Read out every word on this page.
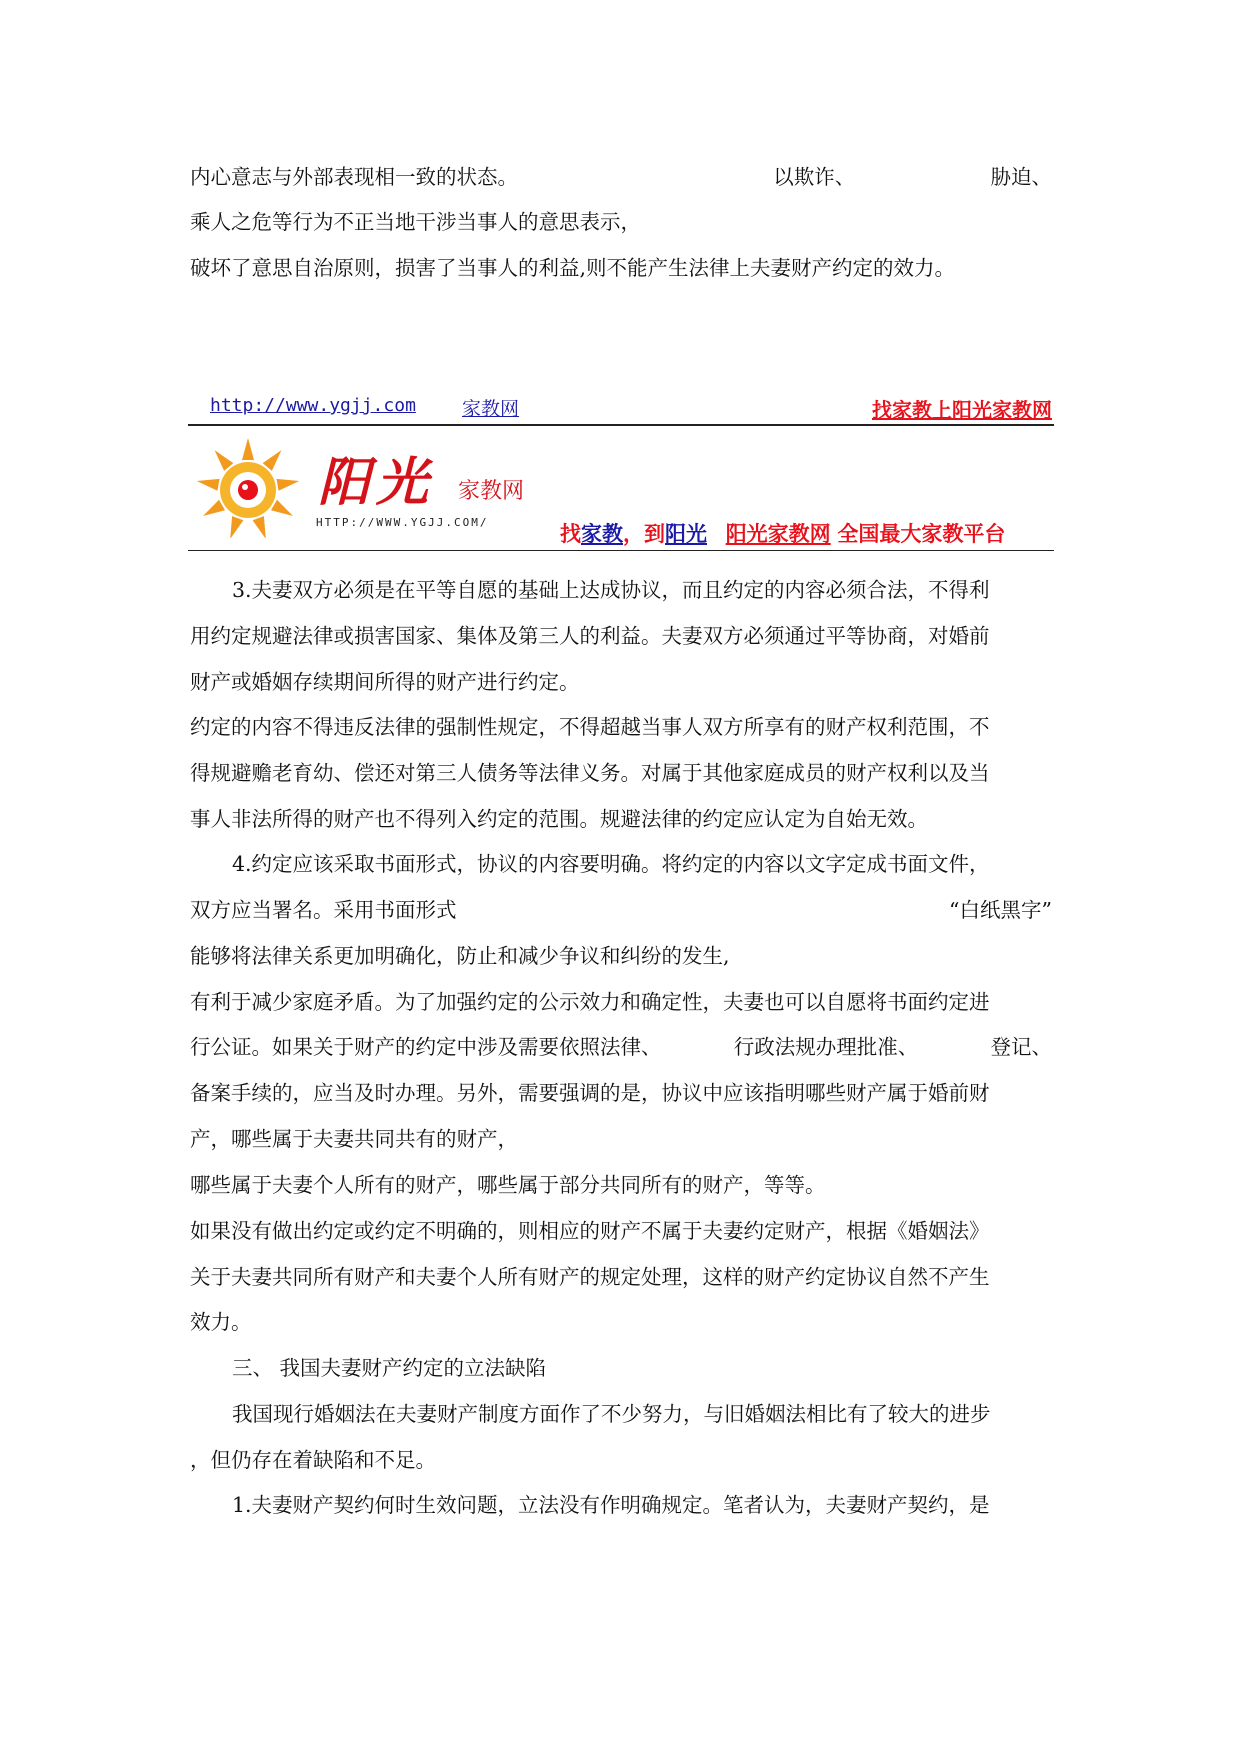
内心意志与外部表现相一致的状态。	以欺诈、	胁迫、
乘人之危等行为不正当地干涉当事人的意思表示，
破坏了意思自治原则，损害了当事人的利益,则不能产生法律上夫妻财产约定的效力。
http://www.ygjj.com 家教网	找家教上阳光家教网
阳光 家教网
HTTP://WWW.YGJJ.COM/	找家教，到阳光 阳光家教网 全国最大家教平台
3.夫妻双方必须是在平等自愿的基础上达成协议，而且约定的内容必须合法，不得利
用约定规避法律或损害国家、集体及第三人的利益。夫妻双方必须通过平等协商，对婚前
财产或婚姻存续期间所得的财产进行约定。
约定的内容不得违反法律的强制性规定，不得超越当事人双方所享有的财产权利范围，不
得规避赡老育幼、偿还对第三人债务等法律义务。对属于其他家庭成员的财产权利以及当
事人非法所得的财产也不得列入约定的范围。规避法律的约定应认定为自始无效。
4.约定应该采取书面形式，协议的内容要明确。将约定的内容以文字定成书面文件，
双方应当署名。采用书面形式	“白纸黑字”
能够将法律关系更加明确化，防止和减少争议和纠纷的发生,
有利于减少家庭矛盾。为了加强约定的公示效力和确定性，夫妻也可以自愿将书面约定进
行公证。如果关于财产的约定中涉及需要依照法律、	行政法规办理批准、	登记、
备案手续的，应当及时办理。另外，需要强调的是，协议中应该指明哪些财产属于婚前财
产，哪些属于夫妻共同共有的财产，
哪些属于夫妻个人所有的财产，哪些属于部分共同所有的财产，等等。
如果没有做出约定或约定不明确的，则相应的财产不属于夫妻约定财产，根据《婚姻法》
关于夫妻共同所有财产和夫妻个人所有财产的规定处理，这样的财产约定协议自然不产生
效力。
三、 我国夫妻财产约定的立法缺陷
我国现行婚姻法在夫妻财产制度方面作了不少努力，与旧婚姻法相比有了较大的进步
，但仍存在着缺陷和不足。
1.夫妻财产契约何时生效问题，立法没有作明确规定。笔者认为，夫妻财产契约，是
